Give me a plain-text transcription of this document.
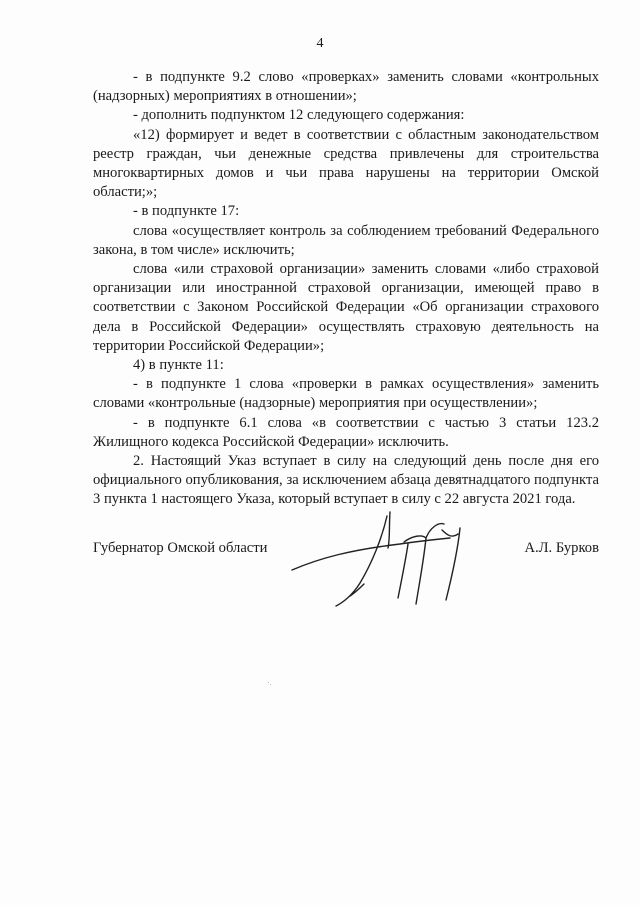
4

- в подпункте 9.2 слово «проверках» заменить словами «контрольных (надзорных) мероприятиях в отношении»;

- дополнить подпунктом 12 следующего содержания:

«12) формирует и ведет в соответствии с областным законодательством реестр граждан, чьи денежные средства привлечены для строительства многоквартирных домов и чьи права нарушены на территории Омской области;»;

- в подпункте 17:

слова «осуществляет контроль за соблюдением требований Федерального закона, в том числе» исключить;

слова «или страховой организации» заменить словами «либо страховой организации или иностранной страховой организации, имеющей право в соответствии с Законом Российской Федерации «Об организации страхового дела в Российской Федерации» осуществлять страховую деятельность на территории Российской Федерации»;

4) в пункте 11:

- в подпункте 1 слова «проверки в рамках осуществления» заменить словами «контрольные (надзорные) мероприятия при осуществлении»;

- в подпункте 6.1 слова «в соответствии с частью 3 статьи 123.2 Жилищного кодекса Российской Федерации» исключить.

2. Настоящий Указ вступает в силу на следующий день после дня его официального опубликования, за исключением абзаца девятнадцатого подпункта 3 пункта 1 настоящего Указа, который вступает в силу с 22 августа 2021 года.

Губернатор Омской области	А.Л. Бурков
